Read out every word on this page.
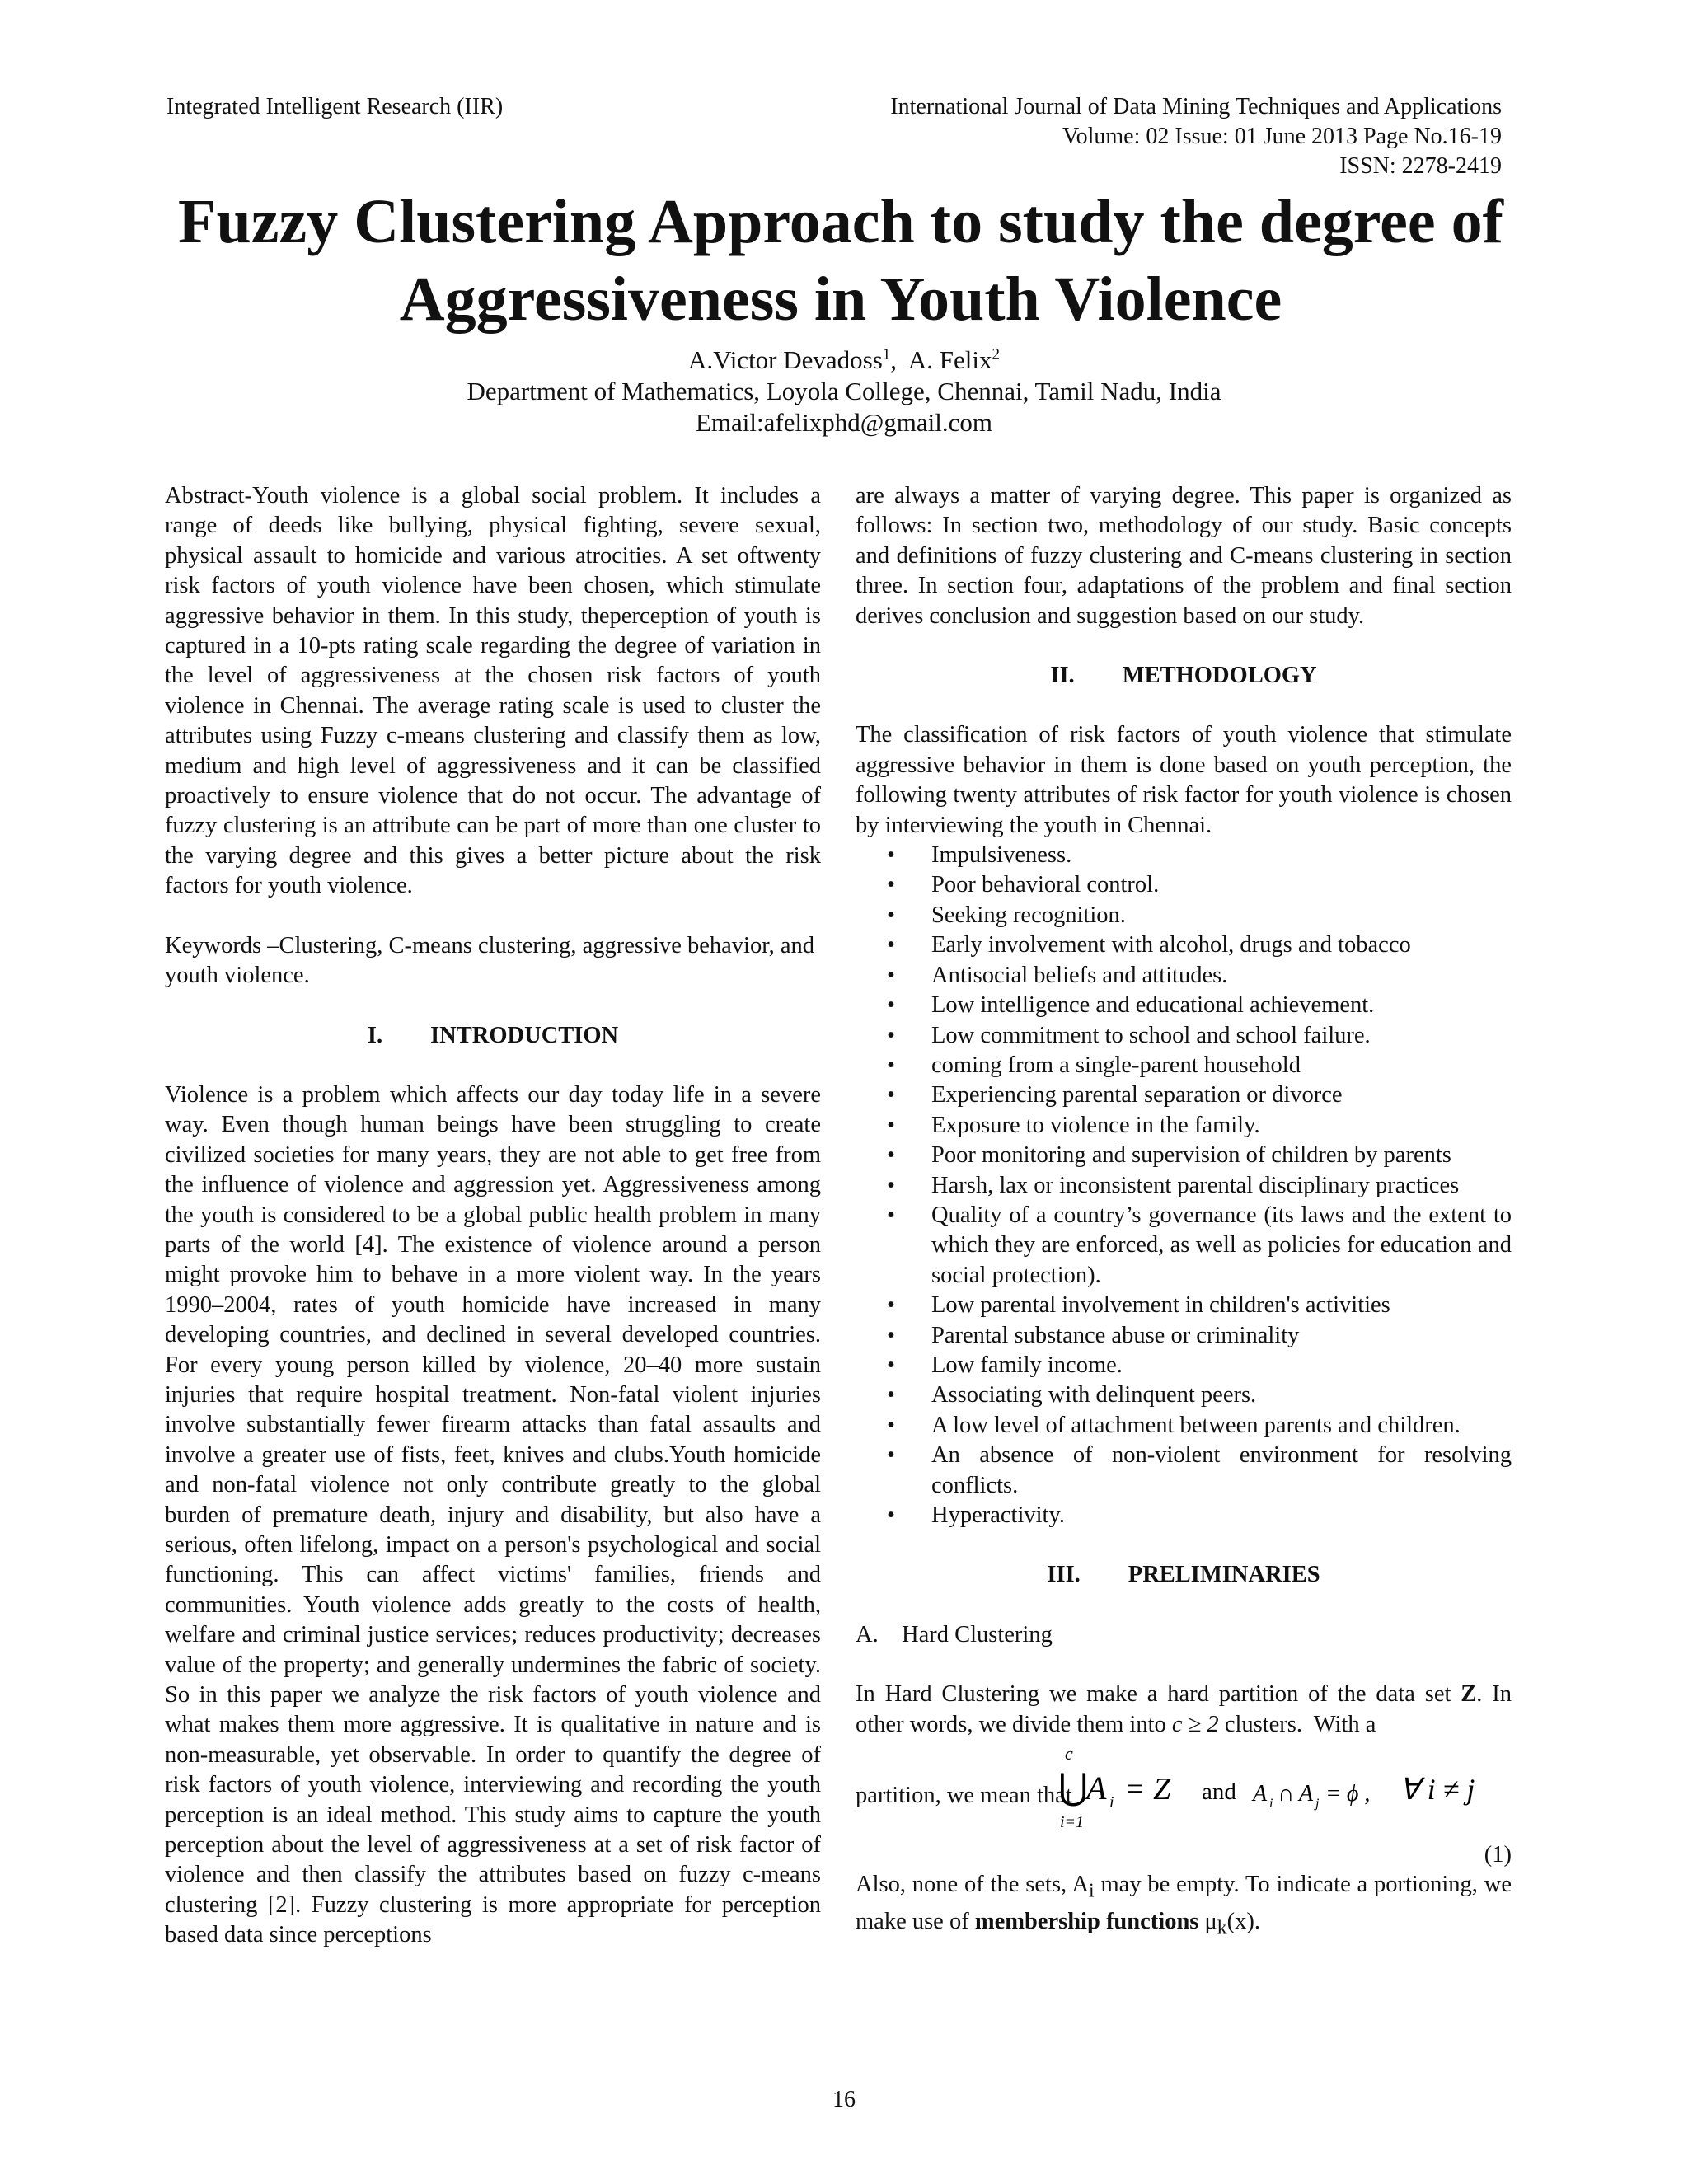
Integrated Intelligent Research (IIR)	International Journal of Data Mining Techniques and Applications
Volume: 02 Issue: 01 June 2013 Page No.16-19
ISSN: 2278-2419
Fuzzy Clustering Approach to study the degree of
Aggressiveness in Youth Violence
A.Victor Devadoss$^1$,  A. Felix$^2$
Department of Mathematics, Loyola College, Chennai, Tamil Nadu, India
Email:afelixphd@gmail.com

Abstract-Youth violence is a global social problem. It includes a range of deeds like bullying, physical fighting, severe sexual, physical assault to homicide and various atrocities. A set oftwenty risk factors of youth violence have been chosen, which stimulate aggressive behavior in them. In this study, theperception of youth is captured in a 10-pts rating scale regarding the degree of variation in the level of aggressiveness at the chosen risk factors of youth violence in Chennai. The average rating scale is used to cluster the attributes using Fuzzy c-means clustering and classify them as low, medium and high level of aggressiveness and it can be classified proactively to ensure violence that do not occur. The advantage of fuzzy clustering is an attribute can be part of more than one cluster to the varying degree and this gives a better picture about the risk factors for youth violence.

Keywords –Clustering, C-means clustering, aggressive behavior, and youth violence.

I. INTRODUCTION

Violence is a problem which affects our day today life in a severe way. Even though human beings have been struggling to create civilized societies for many years, they are not able to get free from the influence of violence and aggression yet. Aggressiveness among the youth is considered to be a global public health problem in many parts of the world [4]. The existence of violence around a person might provoke him to behave in a more violent way. In the years 1990–2004, rates of youth homicide have increased in many developing countries, and declined in several developed countries. For every young person killed by violence, 20–40 more sustain injuries that require hospital treatment. Non-fatal violent injuries involve substantially fewer firearm attacks than fatal assaults and involve a greater use of fists, feet, knives and clubs.Youth homicide and non-fatal violence not only contribute greatly to the global burden of premature death, injury and disability, but also have a serious, often lifelong, impact on a person's psychological and social functioning. This can affect victims' families, friends and communities. Youth violence adds greatly to the costs of health, welfare and criminal justice services; reduces productivity; decreases value of the property; and generally undermines the fabric of society. So in this paper we analyze the risk factors of youth violence and what makes them more aggressive. It is qualitative in nature and is non-measurable, yet observable. In order to quantify the degree of risk factors of youth violence, interviewing and recording the youth perception is an ideal method. This study aims to capture the youth perception about the level of aggressiveness at a set of risk factor of violence and then classify the attributes based on fuzzy c-means clustering [2]. Fuzzy clustering is more appropriate for perception based data since perceptions

are always a matter of varying degree. This paper is organized as follows: In section two, methodology of our study. Basic concepts and definitions of fuzzy clustering and C-means clustering in section three. In section four, adaptations of the problem and final section derives conclusion and suggestion based on our study.

II. METHODOLOGY

The classification of risk factors of youth violence that stimulate aggressive behavior in them is done based on youth perception, the following twenty attributes of risk factor for youth violence is chosen by interviewing the youth in Chennai.

• Impulsiveness.
• Poor behavioral control.
• Seeking recognition.
• Early involvement with alcohol, drugs and tobacco
• Antisocial beliefs and attitudes.
• Low intelligence and educational achievement.
• Low commitment to school and school failure.
• coming from a single-parent household
• Experiencing parental separation or divorce
• Exposure to violence in the family.
• Poor monitoring and supervision of children by parents
• Harsh, lax or inconsistent parental disciplinary practices
• Quality of a country’s governance (its laws and the extent to which they are enforced, as well as policies for education and social protection).
• Low parental involvement in children's activities
• Parental substance abuse or criminality
• Low family income.
• Associating with delinquent peers.
• A low level of attachment between parents and children.
• An absence of non-violent environment for resolving conflicts.
• Hyperactivity.

III. PRELIMINARIES

A. Hard Clustering

In Hard Clustering we make a hard partition of the data set Z. In other words, we divide them into c ≥ 2 clusters.  With a

partition, we mean that
c
⋃
i=1
A i = Z and A i ∩ A j = ϕ , ∀ i ≠ j

(1)

Also, none of the sets, $A_i$ may be empty. To indicate a portioning, we make use of membership functions $\mu_k(x)$.

16
